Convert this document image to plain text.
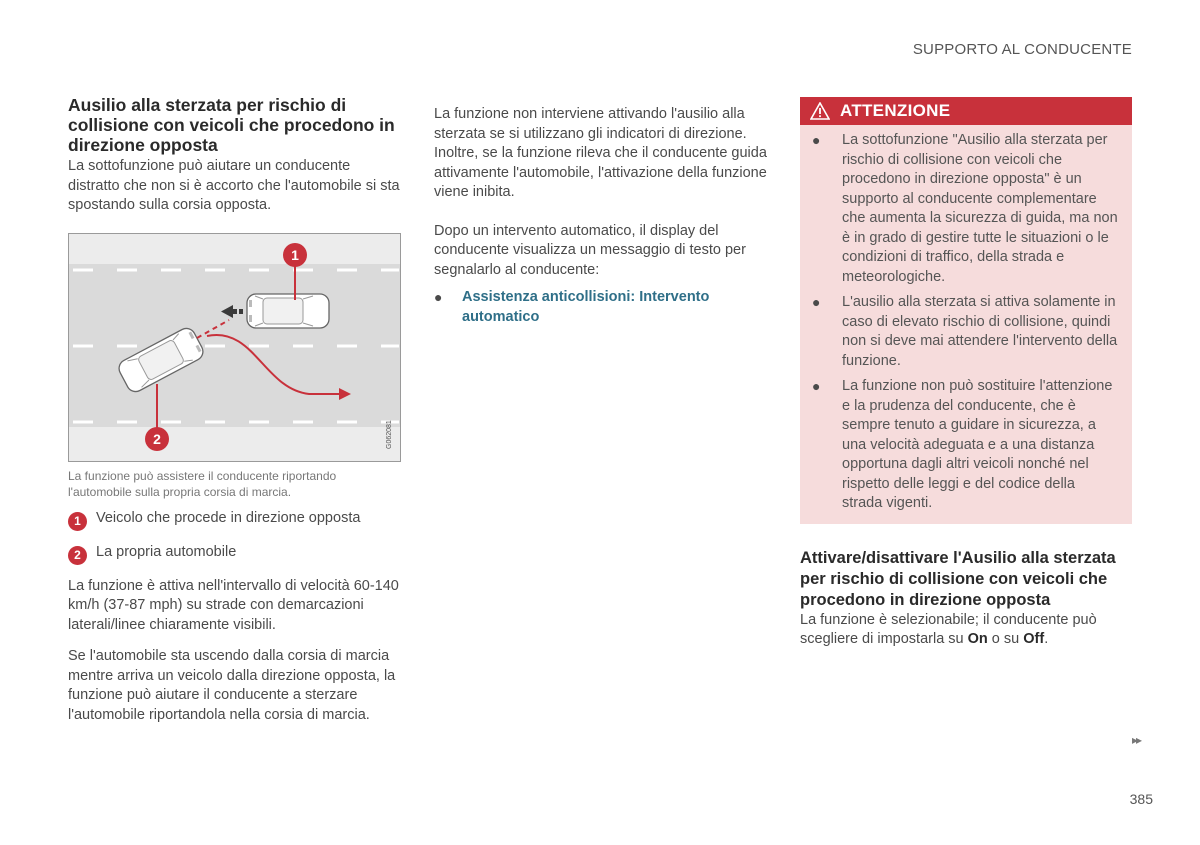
SUPPORTO AL CONDUCENTE
Ausilio alla sterzata per rischio di collisione con veicoli che procedono in direzione opposta

La sottofunzione può aiutare un conducente distratto che non si è accorto che l'automobile si sta spostando sulla corsia opposta.

1
2	G062081
La funzione può assistere il conducente riportando l'automobile sulla propria corsia di marcia.
1	Veicolo che procede in direzione opposta
2	La propria automobile

La funzione è attiva nell'intervallo di velocità 60-140 km/h (37-87 mph) su strade con demarcazioni laterali/linee chiaramente visibili.

Se l'automobile sta uscendo dalla corsia di marcia mentre arriva un veicolo dalla direzione opposta, la funzione può aiutare il conducente a sterzare l'automobile riportandola nella corsia di marcia.

La funzione non interviene attivando l'ausilio alla sterzata se si utilizzano gli indicatori di direzione. Inoltre, se la funzione rileva che il conducente guida attivamente l'automobile, l'attivazione della funzione viene inibita.

Dopo un intervento automatico, il display del conducente visualizza un messaggio di testo per segnalarlo al conducente:

●	Assistenza anticollisioni: Intervento automatico
ATTENZIONE
●	La sottofunzione "Ausilio alla sterzata per rischio di collisione con veicoli che procedono in direzione opposta" è un supporto al conducente complementare che aumenta la sicurezza di guida, ma non è in grado di gestire tutte le situazioni o le condizioni di traffico, della strada e meteorologiche.

●	L'ausilio alla sterzata si attiva solamente in caso di elevato rischio di collisione, quindi non si deve mai attendere l'intervento della funzione.

●	La funzione non può sostituire l'attenzione e la prudenza del conducente, che è sempre tenuto a guidare in sicurezza, a una velocità adeguata e a una distanza opportuna dagli altri veicoli nonché nel rispetto delle leggi e del codice della strada vigenti.

Attivare/disattivare l'Ausilio alla sterzata per rischio di collisione con veicoli che procedono in direzione opposta

La funzione è selezionabile; il conducente può scegliere di impostarla su On o su Off.

▸▸
385
